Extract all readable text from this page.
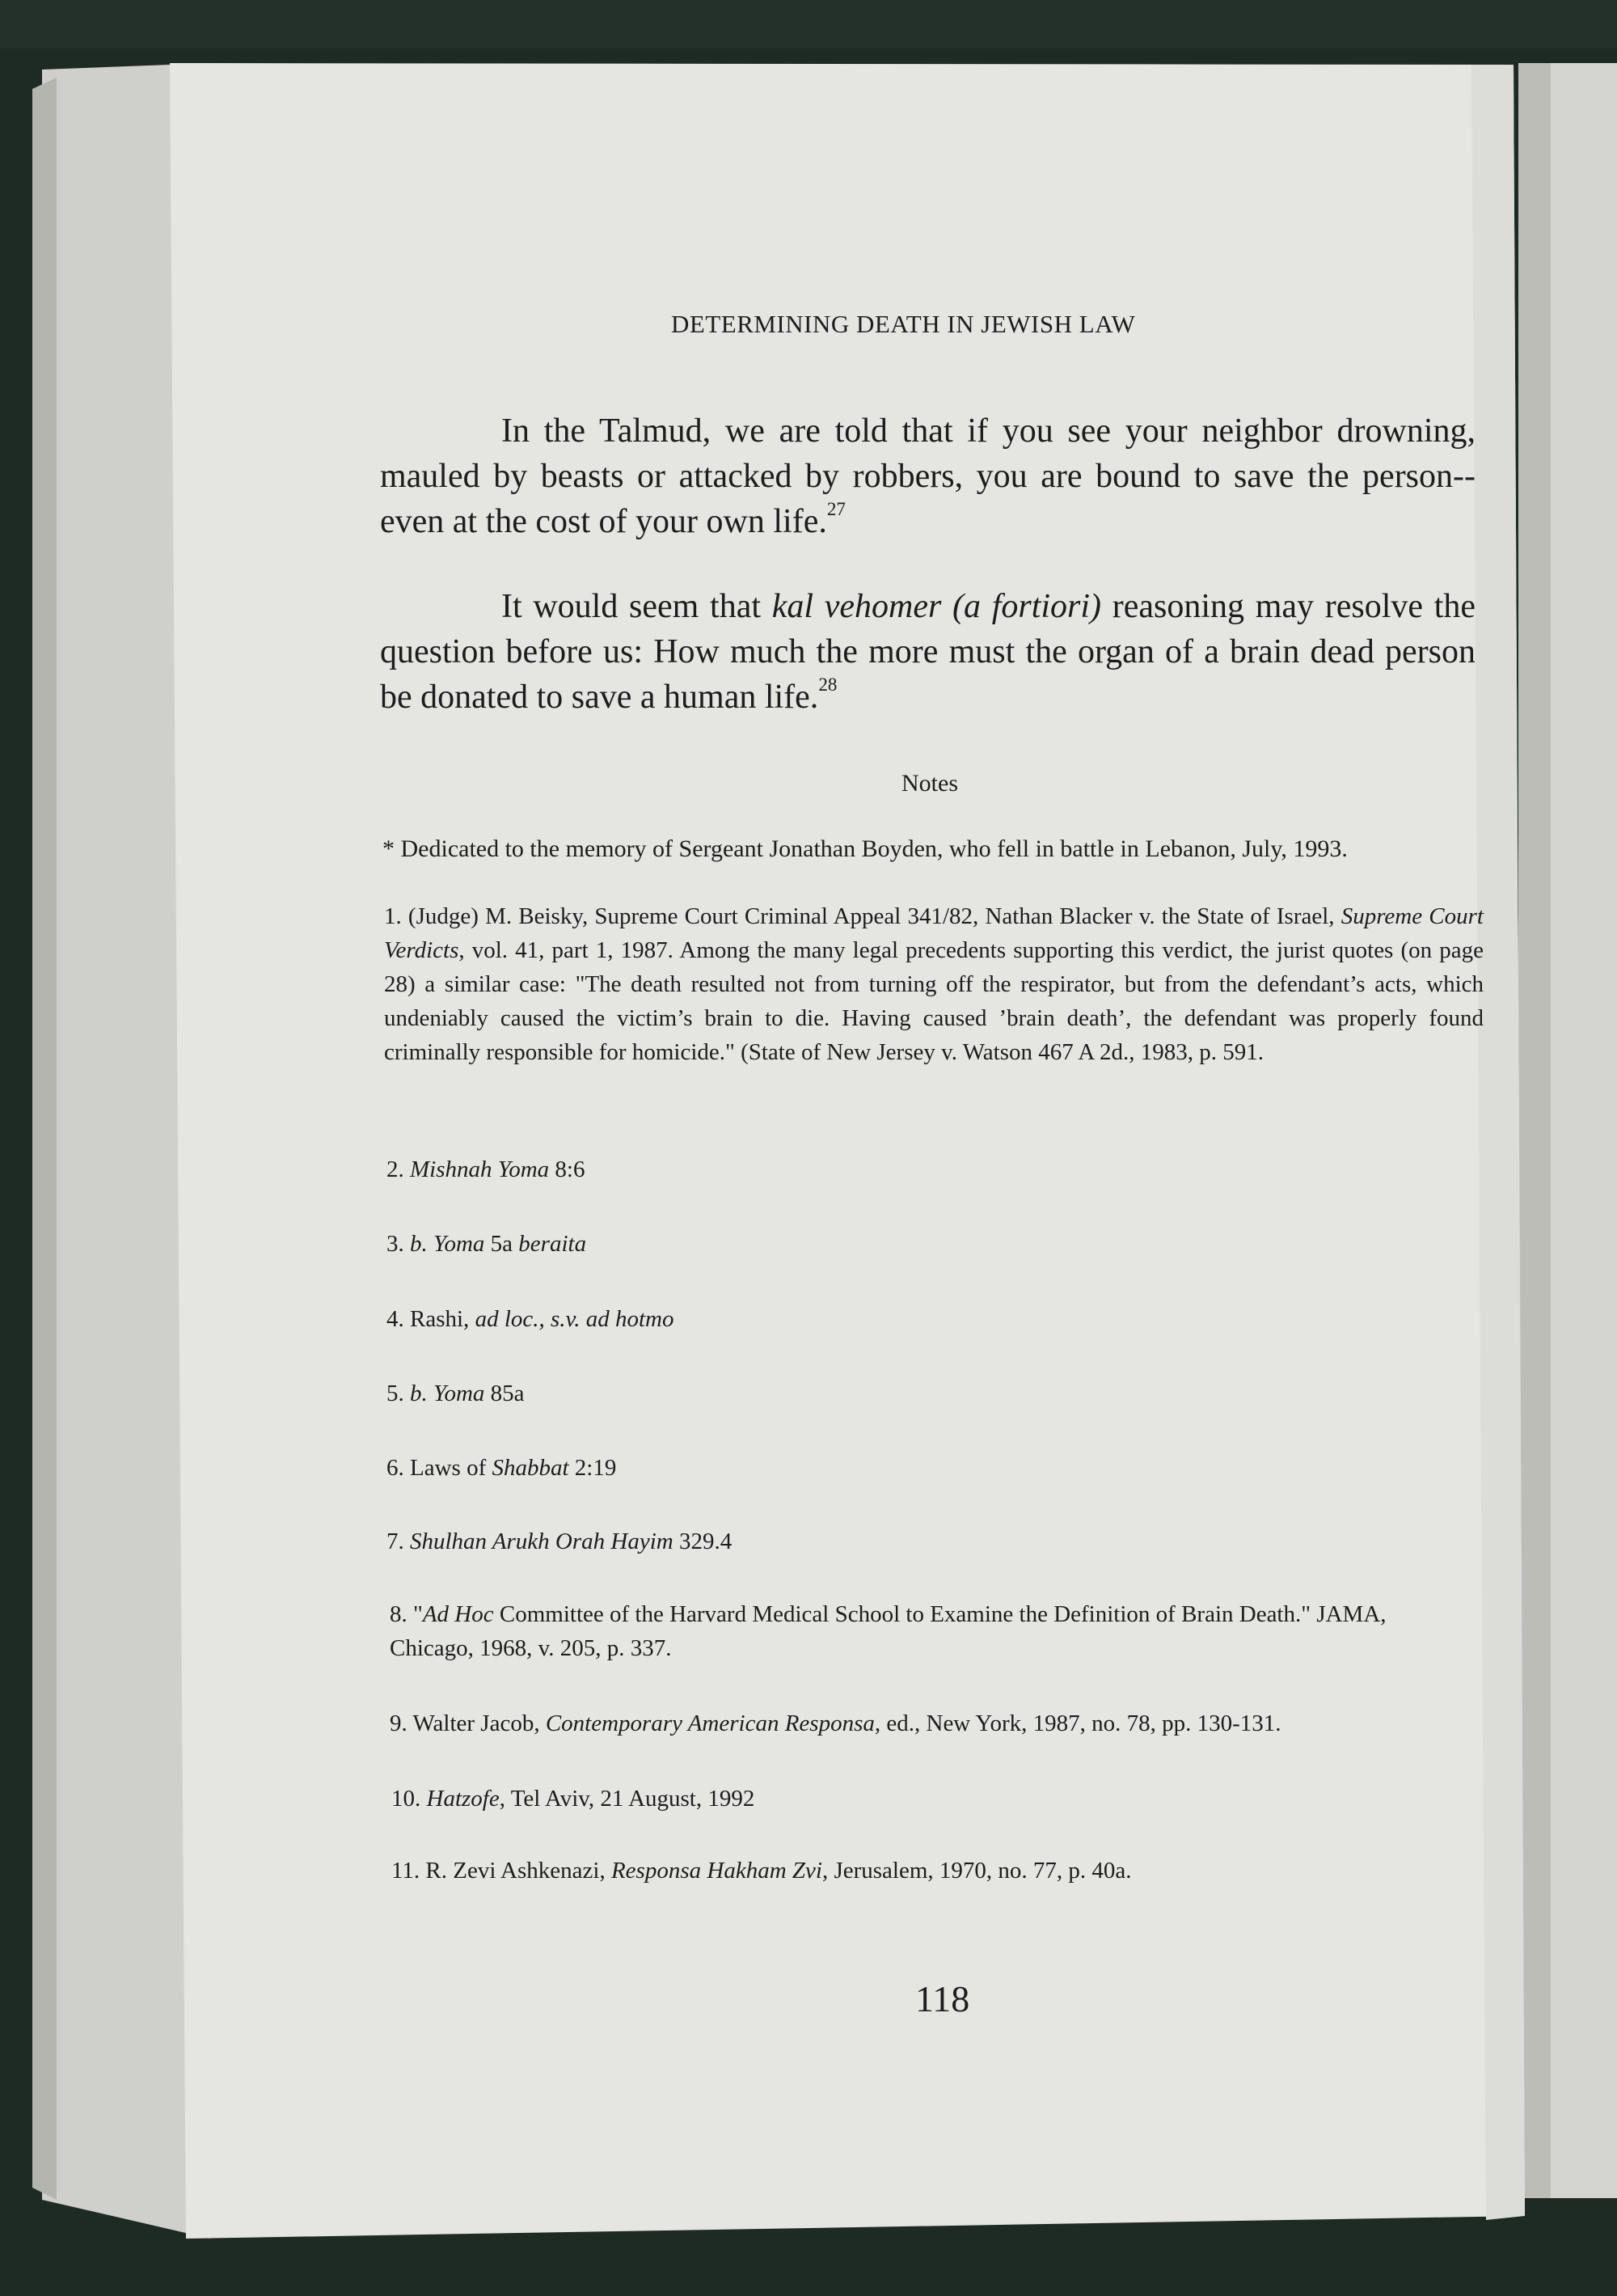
DETERMINING DEATH IN JEWISH LAW

In the Talmud, we are told that if you see your neighbor drowning, mauled by beasts or attacked by robbers, you are bound to save the person--even at the cost of your own life.$^{27}$

It would seem that kal vehomer (a fortiori) reasoning may resolve the question before us: How much the more must the organ of a brain dead person be donated to save a human life.$^{28}$

Notes
* Dedicated to the memory of Sergeant Jonathan Boyden, who fell in battle in Lebanon, July, 1993.

1. (Judge) M. Beisky, Supreme Court Criminal Appeal 341/82, Nathan Blacker v. the State of Israel, Supreme Court Verdicts, vol. 41, part 1, 1987. Among the many legal precedents supporting this verdict, the jurist quotes (on page 28) a similar case: "The death resulted not from turning off the respirator, but from the defendant’s acts, which undeniably caused the victim’s brain to die. Having caused ’brain death’, the defendant was properly found criminally responsible for homicide." (State of New Jersey v. Watson 467 A 2d., 1983, p. 591.

2. Mishnah Yoma 8:6
3. b. Yoma 5a beraita
4. Rashi, ad loc., s.v. ad hotmo
5. b. Yoma 85a
6. Laws of Shabbat 2:19
7. Shulhan Arukh Orah Hayim 329.4

8. "Ad Hoc Committee of the Harvard Medical School to Examine the Definition of Brain Death." JAMA, Chicago, 1968, v. 205, p. 337.

9. Walter Jacob, Contemporary American Responsa, ed., New York, 1987, no. 78, pp. 130-131.
10. Hatzofe, Tel Aviv, 21 August, 1992
11. R. Zevi Ashkenazi, Responsa Hakham Zvi, Jerusalem, 1970, no. 77, p. 40a.
118
